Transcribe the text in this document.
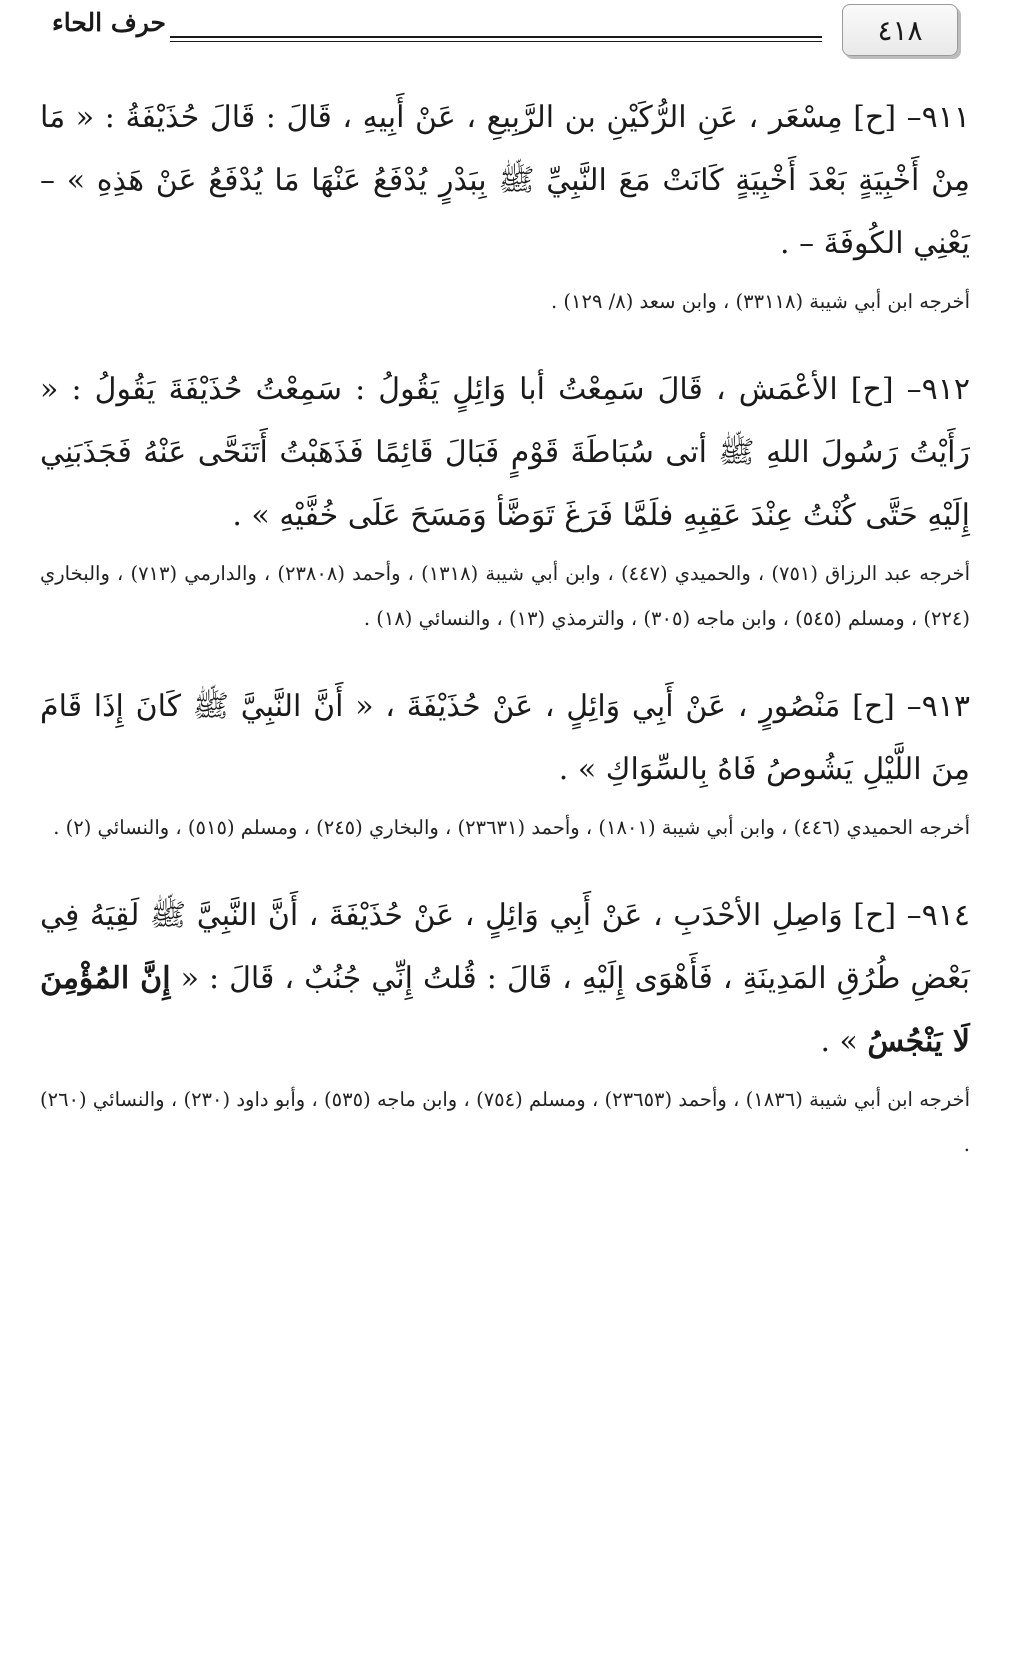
٤١٨
حرف الحاء

٩١١– [ح] مِسْعَر ، عَنِ الرُّكَيْنِ بن الرَّبِيعِ ، عَنْ أَبِيهِ ، قَالَ : قَالَ حُذَيْفَةُ : « مَا مِنْ أَخْبِيَةٍ بَعْدَ أَخْبِيَةٍ كَانَتْ مَعَ النَّبِيِّ ﷺ بِبَدْرٍ يُدْفَعُ عَنْهَا مَا يُدْفَعُ عَنْ هَذِهِ » – يَعْنِي الكُوفَةَ – .

أخرجه ابن أبي شيبة (٣٣١١٨) ، وابن سعد (٨/ ١٢٩) .

٩١٢– [ح] الأعْمَش ، قَالَ سَمِعْتُ أبا وَائِلٍ يَقُولُ : سَمِعْتُ حُذَيْفَةَ يَقُولُ : « رَأَيْتُ رَسُولَ اللهِ ﷺ أتى سُبَاطَةَ قَوْمٍ فَبَالَ قَائِمًا فَذَهَبْتُ أَتَنَحَّى عَنْهُ فَجَذَبَنِي إِلَيْهِ حَتَّى كُنْتُ عِنْدَ عَقِبِهِ فلَمَّا فَرَغَ تَوَضَّأ وَمَسَحَ عَلَى خُفَّيْهِ » .

أخرجه عبد الرزاق (٧٥١) ، والحميدي (٤٤٧) ، وابن أبي شيبة (١٣١٨) ، وأحمد (٢٣٨٠٨) ، والدارمي (٧١٣) ، والبخاري (٢٢٤) ، ومسلم (٥٤٥) ، وابن ماجه (٣٠٥) ، والترمذي (١٣) ، والنسائي (١٨) .

٩١٣– [ح] مَنْصُورٍ ، عَنْ أَبِي وَائِلٍ ، عَنْ حُذَيْفَةَ ، « أَنَّ النَّبِيَّ ﷺ كَانَ إِذَا قَامَ مِنَ اللَّيْلِ يَشُوصُ فَاهُ بِالسِّوَاكِ » .

أخرجه الحميدي (٤٤٦) ، وابن أبي شيبة (١٨٠١) ، وأحمد (٢٣٦٣١) ، والبخاري (٢٤٥) ، ومسلم (٥١٥) ، والنسائي (٢) .

٩١٤– [ح] وَاصِلِ الأحْدَبِ ، عَنْ أَبِي وَائِلٍ ، عَنْ حُذَيْفَةَ ، أَنَّ النَّبِيَّ ﷺ لَقِيَهُ فِي بَعْضِ طُرُقِ المَدِينَةِ ، فَأَهْوَى إِلَيْهِ ، قَالَ : قُلتُ إِنِّي جُنُبٌ ، قَالَ : « إِنَّ المُؤْمِنَ لَا يَنْجُسُ » .

أخرجه ابن أبي شيبة (١٨٣٦) ، وأحمد (٢٣٦٥٣) ، ومسلم (٧٥٤) ، وابن ماجه (٥٣٥) ، وأبو داود (٢٣٠) ، والنسائي (٢٦٠) .
